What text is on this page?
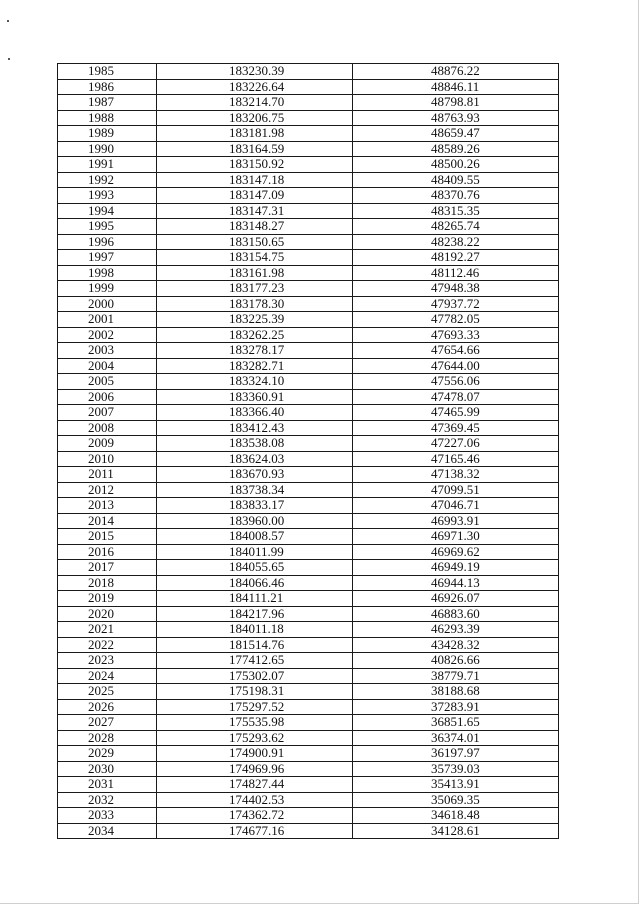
1985	183230.39	48876.22
1986	183226.64	48846.11
1987	183214.70	48798.81
1988	183206.75	48763.93
1989	183181.98	48659.47
1990	183164.59	48589.26
1991	183150.92	48500.26
1992	183147.18	48409.55
1993	183147.09	48370.76
1994	183147.31	48315.35
1995	183148.27	48265.74
1996	183150.65	48238.22
1997	183154.75	48192.27
1998	183161.98	48112.46
1999	183177.23	47948.38
2000	183178.30	47937.72
2001	183225.39	47782.05
2002	183262.25	47693.33
2003	183278.17	47654.66
2004	183282.71	47644.00
2005	183324.10	47556.06
2006	183360.91	47478.07
2007	183366.40	47465.99
2008	183412.43	47369.45
2009	183538.08	47227.06
2010	183624.03	47165.46
2011	183670.93	47138.32
2012	183738.34	47099.51
2013	183833.17	47046.71
2014	183960.00	46993.91
2015	184008.57	46971.30
2016	184011.99	46969.62
2017	184055.65	46949.19
2018	184066.46	46944.13
2019	184111.21	46926.07
2020	184217.96	46883.60
2021	184011.18	46293.39
2022	181514.76	43428.32
2023	177412.65	40826.66
2024	175302.07	38779.71
2025	175198.31	38188.68
2026	175297.52	37283.91
2027	175535.98	36851.65
2028	175293.62	36374.01
2029	174900.91	36197.97
2030	174969.96	35739.03
2031	174827.44	35413.91
2032	174402.53	35069.35
2033	174362.72	34618.48
2034	174677.16	34128.61
